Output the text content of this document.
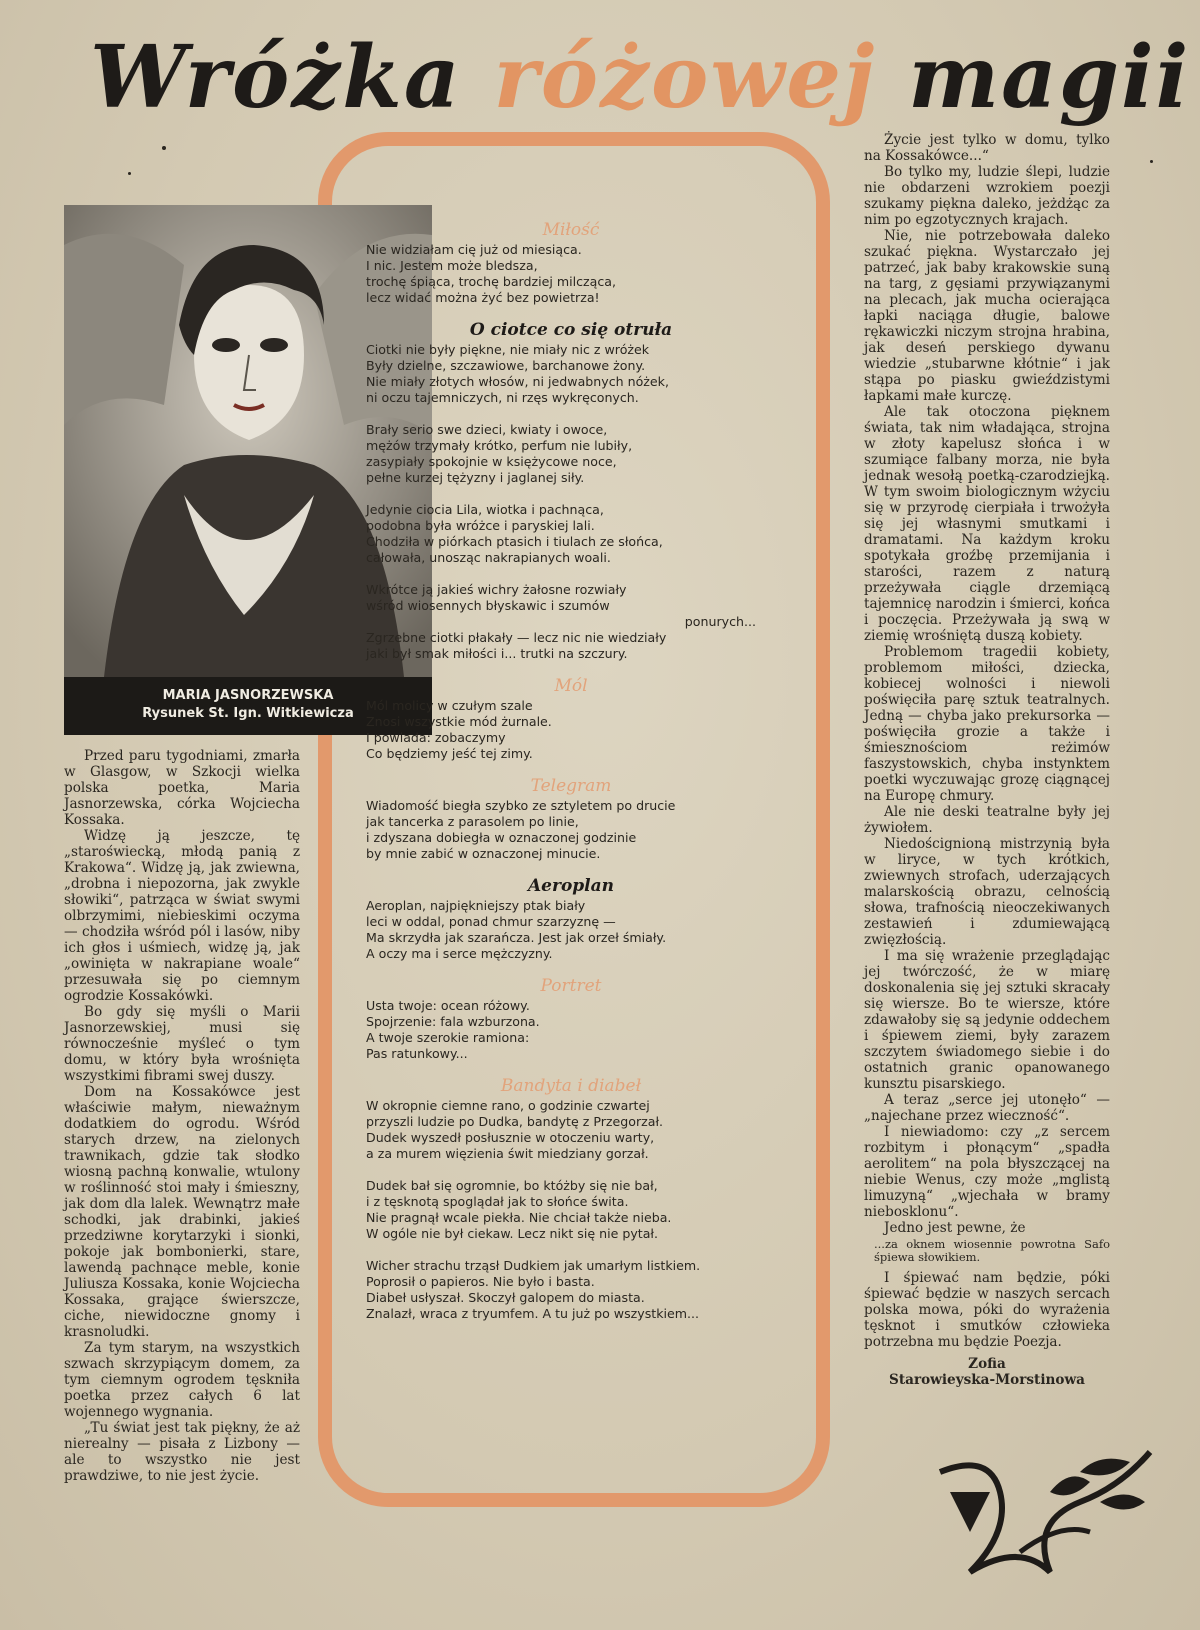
Wróżka różowej magii
MARIA JASNORZEWSKA
Rysunek St. Ign. Witkiewicza

Przed paru tygodniami, zmarła w Glasgow, w Szkocji wielka polska poetka, Maria Jasnorzewska, córka Wojciecha Kossaka.

Widzę ją jeszcze, tę „staroświecką, młodą panią z Krakowa“. Widzę ją, jak zwiewna, „drobna i niepozorna, jak zwykle słowiki“, patrząca w świat swymi olbrzymimi, niebieskimi oczyma — chodziła wśród pól i lasów, niby ich głos i uśmiech, widzę ją, jak „owinięta w nakrapiane woale“ przesuwała się po ciemnym ogrodzie Kossakówki.

Bo gdy się myśli o Marii Jasnorzewskiej, musi się równocześnie myśleć o tym domu, w który była wrośnięta wszystkimi fibrami swej duszy.

Dom na Kossakówce jest właściwie małym, nieważnym dodatkiem do ogrodu. Wśród starych drzew, na zielonych trawnikach, gdzie tak słodko wiosną pachną konwalie, wtulony w roślinność stoi mały i śmieszny, jak dom dla lalek. Wewnątrz małe schodki, jak drabinki, jakieś przedziwne korytarzyki i sionki, pokoje jak bombonierki, stare, lawendą pachnące meble, konie Juliusza Kossaka, konie Wojciecha Kossaka, grające świerszcze, ciche, niewidoczne gnomy i krasnoludki.

Za tym starym, na wszystkich szwach skrzypiącym domem, za tym ciemnym ogrodem tęskniła poetka przez całych 6 lat wojennego wygnania.

„Tu świat jest tak piękny, że aż nierealny — pisała z Lizbony — ale to wszystko nie jest prawdziwe, to nie jest życie.

Miłość
Nie widziałam cię już od miesiąca.
I nic. Jestem może bledsza,
trochę śpiąca, trochę bardziej milcząca,
lecz widać można żyć bez powietrza!
O ciotce co się otruła
Ciotki nie były piękne, nie miały nic z wróżek
Były dzielne, szczawiowe, barchanowe żony.
Nie miały złotych włosów, ni jedwabnych nóżek,
ni oczu tajemniczych, ni rzęs wykręconych.
Brały serio swe dzieci, kwiaty i owoce,
mężów trzymały krótko, perfum nie lubiły,
zasypiały spokojnie w księżycowe noce,
pełne kurzej tężyzny i jaglanej siły.
Jedynie ciocia Lila, wiotka i pachnąca,
podobna była wróżce i paryskiej lali.
Chodziła w piórkach ptasich i tiulach ze słońca,
całowała, unosząc nakrapianych woali.
Wkrótce ją jakieś wichry żałosne rozwiały
wśród wiosennych błyskawic i szumów
ponurych...
Zgrzebne ciotki płakały — lecz nic nie wiedziały
jaki był smak miłości i... trutki na szczury.
Mól
Mól molicy w czułym szale
Znosi wszystkie mód żurnale.
I powiada: zobaczymy
Co będziemy jeść tej zimy.
Telegram
Wiadomość biegła szybko ze sztyletem po drucie
jak tancerka z parasolem po linie,
i zdyszana dobiegła w oznaczonej godzinie
by mnie zabić w oznaczonej minucie.
Aeroplan
Aeroplan, najpiękniejszy ptak biały
leci w oddal, ponad chmur szarzyznę —
Ma skrzydła jak szarańcza. Jest jak orzeł śmiały.
A oczy ma i serce mężczyzny.
Portret
Usta twoje: ocean różowy.
Spojrzenie: fala wzburzona.
A twoje szerokie ramiona:
Pas ratunkowy...
Bandyta i diabeł
W okropnie ciemne rano, o godzinie czwartej
przyszli ludzie po Dudka, bandytę z Przegorzał.
Dudek wyszedł posłusznie w otoczeniu warty,
a za murem więzienia świt miedziany gorzał.
Dudek bał się ogromnie, bo któżby się nie bał,
i z tęsknotą spoglądał jak to słońce świta.
Nie pragnął wcale piekła. Nie chciał także nieba.
W ogóle nie był ciekaw. Lecz nikt się nie pytał.
Wicher strachu trząsł Dudkiem jak umarłym listkiem.
Poprosił o papieros. Nie było i basta.
Diabeł usłyszał. Skoczył galopem do miasta.
Znalazł, wraca z tryumfem. A tu już po wszystkiem...

Życie jest tylko w domu, tylko na Kossakówce...“

Bo tylko my, ludzie ślepi, ludzie nie obdarzeni wzrokiem poezji szukamy piękna daleko, jeżdżąc za nim po egzotycznych krajach.

Nie, nie potrzebowała daleko szukać piękna. Wystarczało jej patrzeć, jak baby krakowskie suną na targ, z gęsiami przywiązanymi na plecach, jak mucha ocierająca łapki naciąga długie, balowe rękawiczki niczym strojna hrabina, jak deseń perskiego dywanu wiedzie „stubarwne kłótnie“ i jak stąpa po piasku gwieździstymi łapkami małe kurczę.

Ale tak otoczona pięknem świata, tak nim władająca, strojna w złoty kapelusz słońca i w szumiące falbany morza, nie była jednak wesołą poetką-czarodziejką. W tym swoim biologicznym wżyciu się w przyrodę cierpiała i trwożyła się jej własnymi smutkami i dramatami. Na każdym kroku spotykała groźbę przemijania i starości, razem z naturą przeżywała ciągle drzemiącą tajemnicę narodzin i śmierci, końca i poczęcia. Przeżywała ją swą w ziemię wrośniętą duszą kobiety.

Problemom tragedii kobiety, problemom miłości, dziecka, kobiecej wolności i niewoli poświęciła parę sztuk teatralnych. Jedną — chyba jako prekursorka — poświęciła grozie a także i śmiesznościom reżimów faszystowskich, chyba instynktem poetki wyczuwając grozę ciągnącej na Europę chmury.

Ale nie deski teatralne były jej żywiołem.

Niedoścignioną mistrzynią była w liryce, w tych krótkich, zwiewnych strofach, uderzających malarskością obrazu, celnością słowa, trafnością nieoczekiwanych zestawień i zdumiewającą zwięzłością.

I ma się wrażenie przeglądając jej twórczość, że w miarę doskonalenia się jej sztuki skracały się wiersze. Bo te wiersze, które zdawałoby się są jedynie oddechem i śpiewem ziemi, były zarazem szczytem świadomego siebie i do ostatnich granic opanowanego kunsztu pisarskiego.

A teraz „serce jej utonęło“ — „najechane przez wieczność“.

I niewiadomo: czy „z sercem rozbitym i płonącym“ „spadła aerolitem“ na pola błyszczącej na niebie Wenus, czy może „mglistą limuzyną“ „wjechała w bramy niebosklonu“.

Jedno jest pewne, że

...za oknem wiosennie powrotna Safo śpiewa słowikiem.

I śpiewać nam będzie, póki śpiewać będzie w naszych sercach polska mowa, póki do wyrażenia tęsknot i smutków człowieka potrzebna mu będzie Poezja.

Zofia
Starowieyska-Morstinowa
